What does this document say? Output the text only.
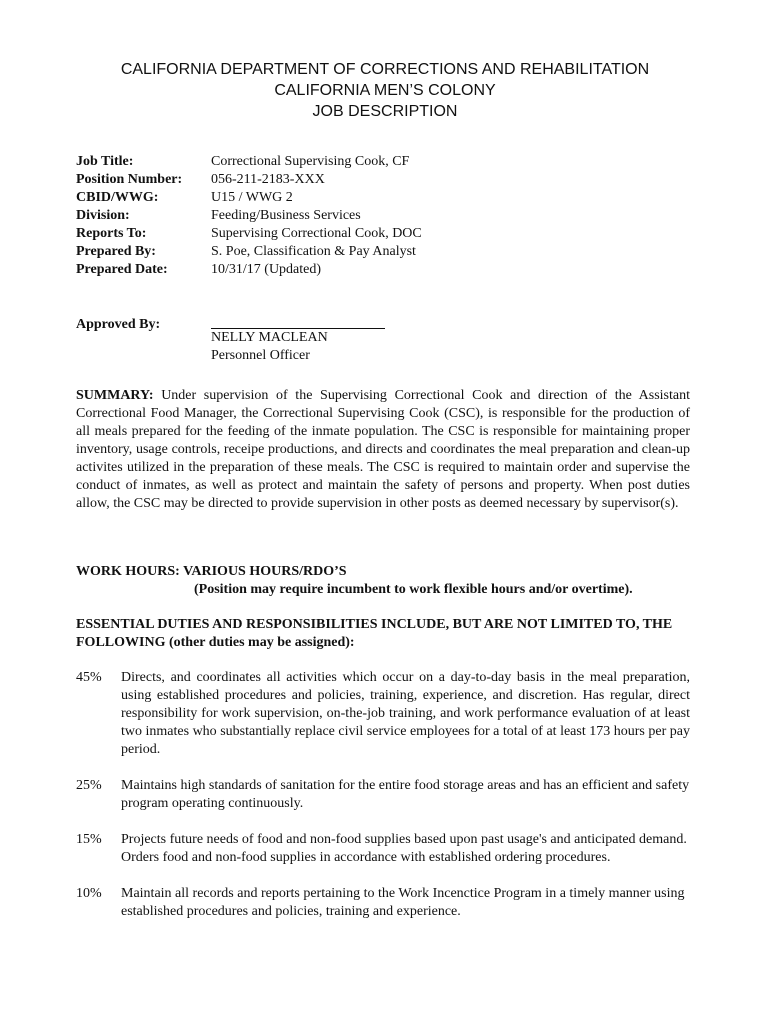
CALIFORNIA DEPARTMENT OF CORRECTIONS AND REHABILITATION
CALIFORNIA MEN’S COLONY
JOB DESCRIPTION
Job Title:	Correctional Supervising Cook, CF
Position Number:	056-211-2183-XXX
CBID/WWG:	U15 / WWG 2
Division:	Feeding/Business Services
Reports To:	Supervising Correctional Cook, DOC
Prepared By:	S. Poe, Classification & Pay Analyst
Prepared Date:	10/31/17 (Updated)
Approved By:
NELLY MACLEAN
Personnel Officer
SUMMARY: Under supervision of the Supervising Correctional Cook and direction of the Assistant Correctional Food Manager, the Correctional Supervising Cook (CSC), is responsible for the production of all meals prepared for the feeding of the inmate population. The CSC is responsible for maintaining proper inventory, usage controls, receipe productions, and directs and coordinates the meal preparation and clean-up activites utilized in the preparation of these meals. The CSC is required to maintain order and supervise the conduct of inmates, as well as protect and maintain the safety of persons and property. When post duties allow, the CSC may be directed to provide supervision in other posts as deemed necessary by supervisor(s).
WORK HOURS: VARIOUS HOURS/RDO’S
(Position may require incumbent to work flexible hours and/or overtime).
ESSENTIAL DUTIES AND RESPONSIBILITIES INCLUDE, BUT ARE NOT LIMITED TO, THE FOLLOWING (other duties may be assigned):
45%	Directs, and coordinates all activities which occur on a day-to-day basis in the meal preparation, using established procedures and policies, training, experience, and discretion. Has regular, direct responsibility for work supervision, on-the-job training, and work performance evaluation of at least two inmates who substantially replace civil service employees for a total of at least 173 hours per pay period.
25%	Maintains high standards of sanitation for the entire food storage areas and has an efficient and safety program operating continuously.
15%	Projects future needs of food and non-food supplies based upon past usage's and anticipated demand. Orders food and non-food supplies in accordance with established ordering procedures.
10%	Maintain all records and reports pertaining to the Work Incenctice Program in a timely manner using established procedures and policies, training and experience.
